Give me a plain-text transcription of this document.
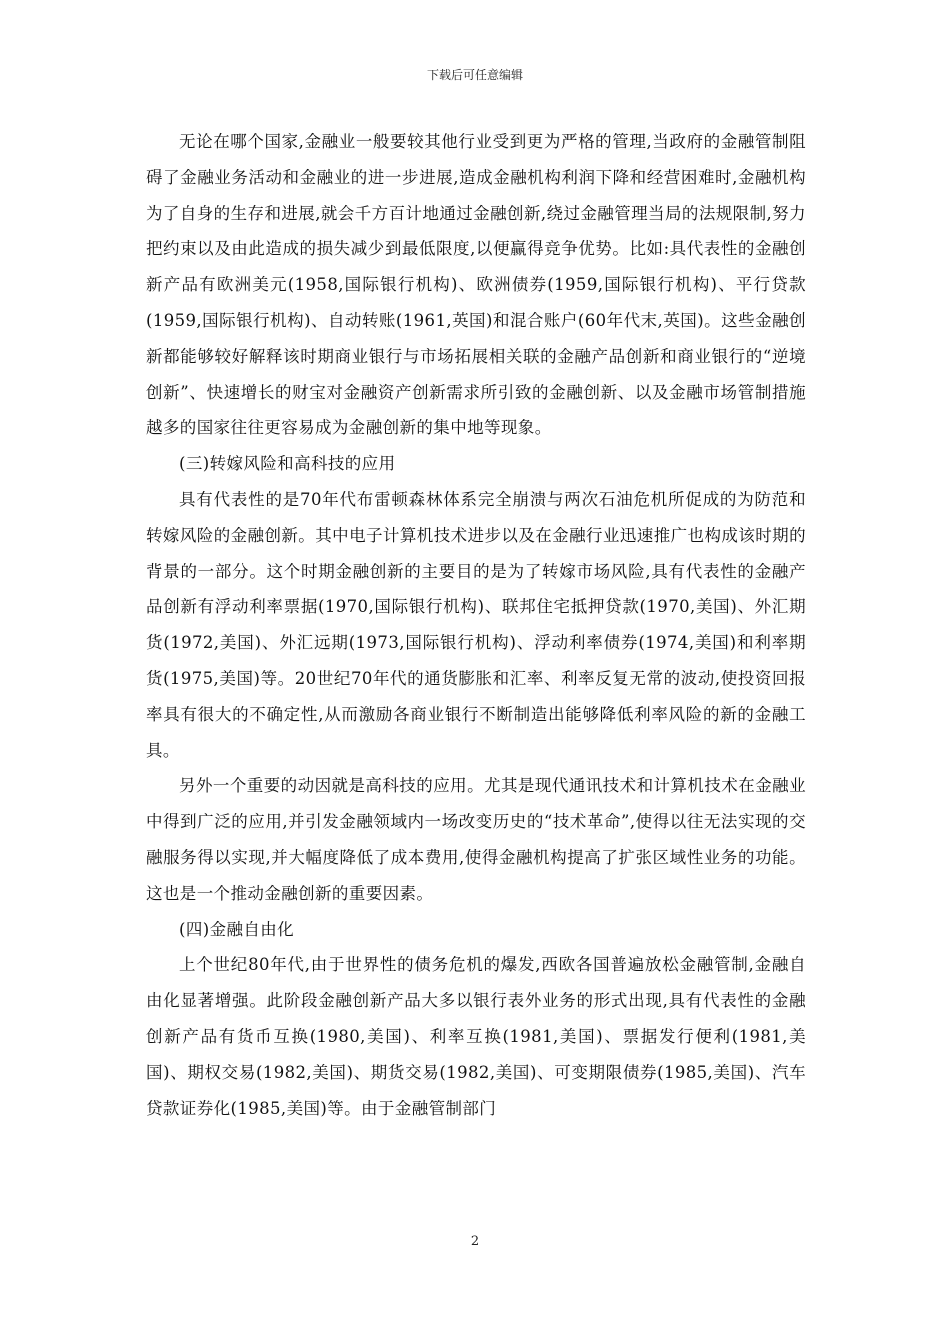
下载后可任意编辑

无论在哪个国家,金融业一般要较其他行业受到更为严格的管理,当政府的金融管制阻碍了金融业务活动和金融业的进一步进展,造成金融机构利润下降和经营困难时,金融机构为了自身的生存和进展,就会千方百计地通过金融创新,绕过金融管理当局的法规限制,努力把约束以及由此造成的损失减少到最低限度,以便赢得竞争优势。比如:具代表性的金融创新产品有欧洲美元(1958,国际银行机构)、欧洲债券(1959,国际银行机构)、平行贷款(1959,国际银行机构)、自动转账(1961,英国)和混合账户(60年代末,英国)。这些金融创新都能够较好解释该时期商业银行与市场拓展相关联的金融产品创新和商业银行的“逆境创新”、快速增长的财宝对金融资产创新需求所引致的金融创新、以及金融市场管制措施越多的国家往往更容易成为金融创新的集中地等现象。

(三)转嫁风险和高科技的应用

具有代表性的是70年代布雷顿森林体系完全崩溃与两次石油危机所促成的为防范和转嫁风险的金融创新。其中电子计算机技术进步以及在金融行业迅速推广也构成该时期的背景的一部分。这个时期金融创新的主要目的是为了转嫁市场风险,具有代表性的金融产品创新有浮动利率票据(1970,国际银行机构)、联邦住宅抵押贷款(1970,美国)、外汇期货(1972,美国)、外汇远期(1973,国际银行机构)、浮动利率债券(1974,美国)和利率期货(1975,美国)等。20世纪70年代的通货膨胀和汇率、利率反复无常的波动,使投资回报率具有很大的不确定性,从而激励各商业银行不断制造出能够降低利率风险的新的金融工具。

另外一个重要的动因就是高科技的应用。尤其是现代通讯技术和计算机技术在金融业中得到广泛的应用,并引发金融领域内一场改变历史的“技术革命”,使得以往无法实现的交融服务得以实现,并大幅度降低了成本费用,使得金融机构提高了扩张区域性业务的功能。这也是一个推动金融创新的重要因素。

(四)金融自由化

上个世纪80年代,由于世界性的债务危机的爆发,西欧各国普遍放松金融管制,金融自由化显著增强。此阶段金融创新产品大多以银行表外业务的形式出现,具有代表性的金融创新产品有货币互换(1980,美国)、利率互换(1981,美国)、票据发行便利(1981,美国)、期权交易(1982,美国)、期货交易(1982,美国)、可变期限债券(1985,美国)、汽车贷款证券化(1985,美国)等。由于金融管制部门

2
